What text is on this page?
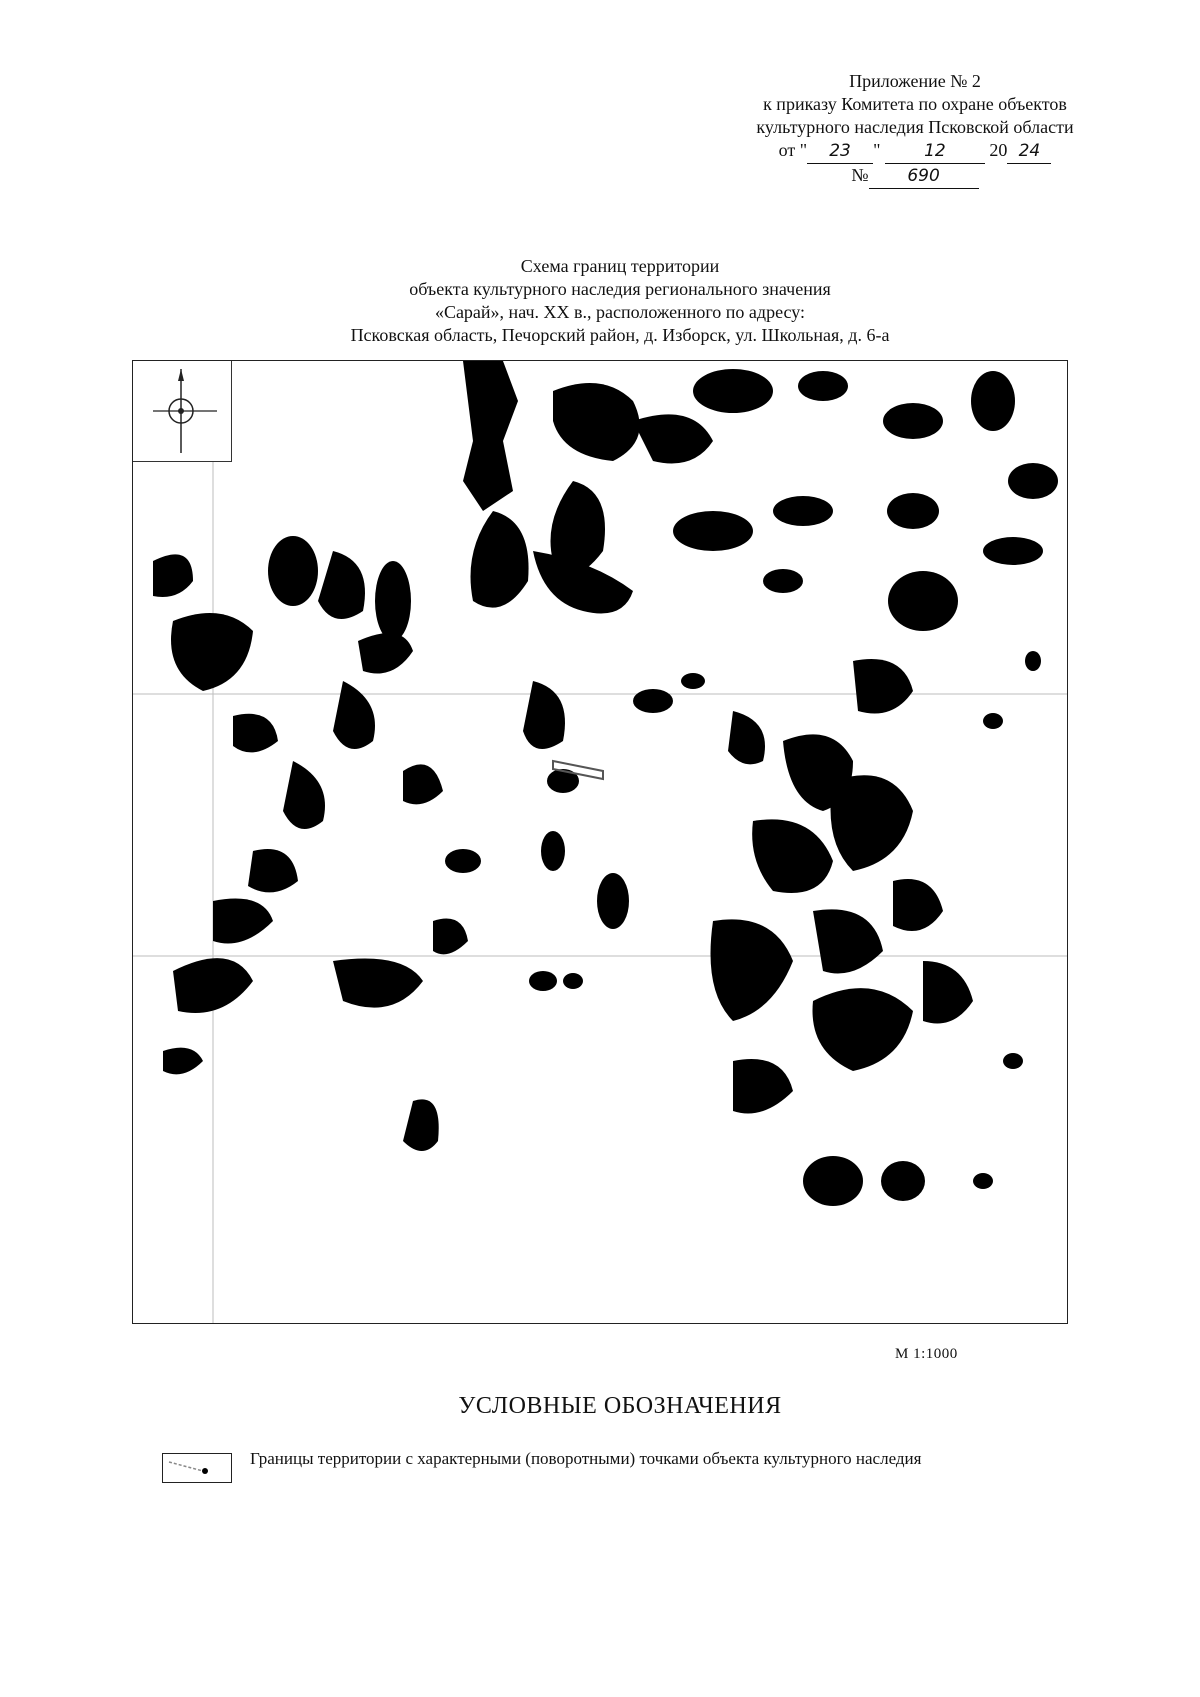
Приложение № 2
к приказу Комитета по охране объектов
культурного наследия Псковской области
от " 23 "	12 20 24
№ 690
Схема границ территории
объекта культурного наследия регионального значения
«Сарай», нач. XX в., расположенного по адресу:
Псковская область, Печорский район, д. Изборск, ул. Школьная, д. 6-а
М 1:1000
УСЛОВНЫЕ ОБОЗНАЧЕНИЯ
Границы территории с характерными (поворотными) точками объекта культурного наследия
